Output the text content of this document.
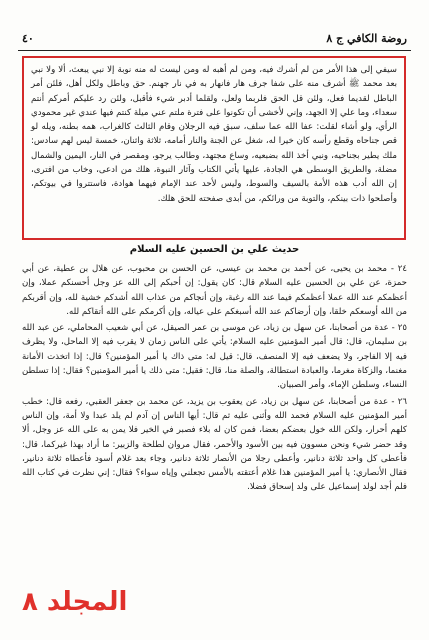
٤٠	روضة الكافي ج ٨

سيفي إلى هذا الأمر من لم أشرك فيه، ومن لم أهبه له ومن ليست له منه نوبة إلا نبي يبعث، ألا ولا نبي بعد محمد ﷺ أشرف منه على شفا جرف هار فانهار به في نار جهنم. حق وباطل ولكل أهل، فلئن أمر الباطل لقديما فعل، ولئن قل الحق فلربما ولعل، ولقلما أدبر شيء فأقبل، ولئن رد عليكم أمركم أنتم سعداء، وما علي إلا الجهد، وإني لأخشى أن تكونوا على فترة ملتم عني ميلة كنتم فيها عندي غير محمودي الرأي، ولو أشاء لقلت: عفا الله عما سلف، سبق فيه الرجلان وقام الثالث كالغراب، همه بطنه، ويله لو قص جناحاه وقطع رأسه كان خيرا له، شغل عن الجنة والنار أمامه، ثلاثة واثنان، خمسة ليس لهم سادس: ملك يطير بجناحيه، ونبي أخذ الله بضبعيه، وساع مجتهد، وطالب يرجو، ومقصر في النار، اليمين والشمال مضلة، والطريق الوسطى هي الجادة، عليها يأتي الكتاب وآثار النبوة، هلك من ادعى، وخاب من افترى، إن الله أدب هذه الأمة بالسيف والسوط، وليس لأحد عند الإمام فيهما هوادة، فاستتروا في بيوتكم، وأصلحوا ذات بينكم، والتوبة من ورائكم، من أبدى صفحته للحق هلك.

حديث علي بن الحسين عليه السلام

٢٤ - محمد بن يحيى، عن أحمد بن محمد بن عيسى، عن الحسن بن محبوب، عن هلال بن عطية، عن أبي حمزة، عن علي بن الحسين عليه السلام قال: كان يقول: إن أحبكم إلى الله عز وجل أحسنكم عملا، وإن أعظمكم عند الله عملا أعظمكم فيما عند الله رغبة، وإن أنجاكم من عذاب الله أشدكم خشية لله، وإن أقربكم من الله أوسعكم خلقا، وإن أرضاكم عند الله أسبغكم على عياله، وإن أكرمكم على الله أتقاكم لله.

٢٥ - عدة من أصحابنا، عن سهل بن زياد، عن موسى بن عمر الصيقل، عن أبي شعيب المحاملي، عن عبد الله بن سليمان، قال: قال أمير المؤمنين عليه السلام: يأتي على الناس زمان لا يقرب فيه إلا الماحل، ولا يظرف فيه إلا الفاجر، ولا يضعف فيه إلا المنصف، قال: قيل له: متى ذاك يا أمير المؤمنين؟ قال: إذا اتخذت الأمانة مغنما، والزكاة مغرما، والعبادة استطالة، والصلة منا، قال: فقيل: متى ذلك يا أمير المؤمنين؟ فقال: إذا تسلطن النساء، وسلطن الإماء، وأمر الصبيان.

٢٦ - عدة من أصحابنا، عن سهل بن زياد، عن يعقوب بن يزيد، عن محمد بن جعفر العقبي، رفعه قال: خطب أمير المؤمنين عليه السلام فحمد الله وأثنى عليه ثم قال: أيها الناس إن آدم لم يلد عبدا ولا أمة، وإن الناس كلهم أحرار، ولكن الله خول بعضكم بعضا، فمن كان له بلاء فصبر في الخير فلا يمن به على الله عز وجل، ألا وقد حضر شيء ونحن مسوون فيه بين الأسود والأحمر، فقال مروان لطلحة والزبير: ما أراد بهذا غيركما، قال: فأعطى كل واحد ثلاثة دنانير، وأعطى رجلا من الأنصار ثلاثة دنانير، وجاء بعد غلام أسود فأعطاه ثلاثة دنانير، فقال الأنصاري: يا أمير المؤمنين هذا غلام أعتقته بالأمس تجعلني وإياه سواء؟ فقال: إني نظرت في كتاب الله فلم أجد لولد إسماعيل على ولد إسحاق فضلا.

المجلد ٨
